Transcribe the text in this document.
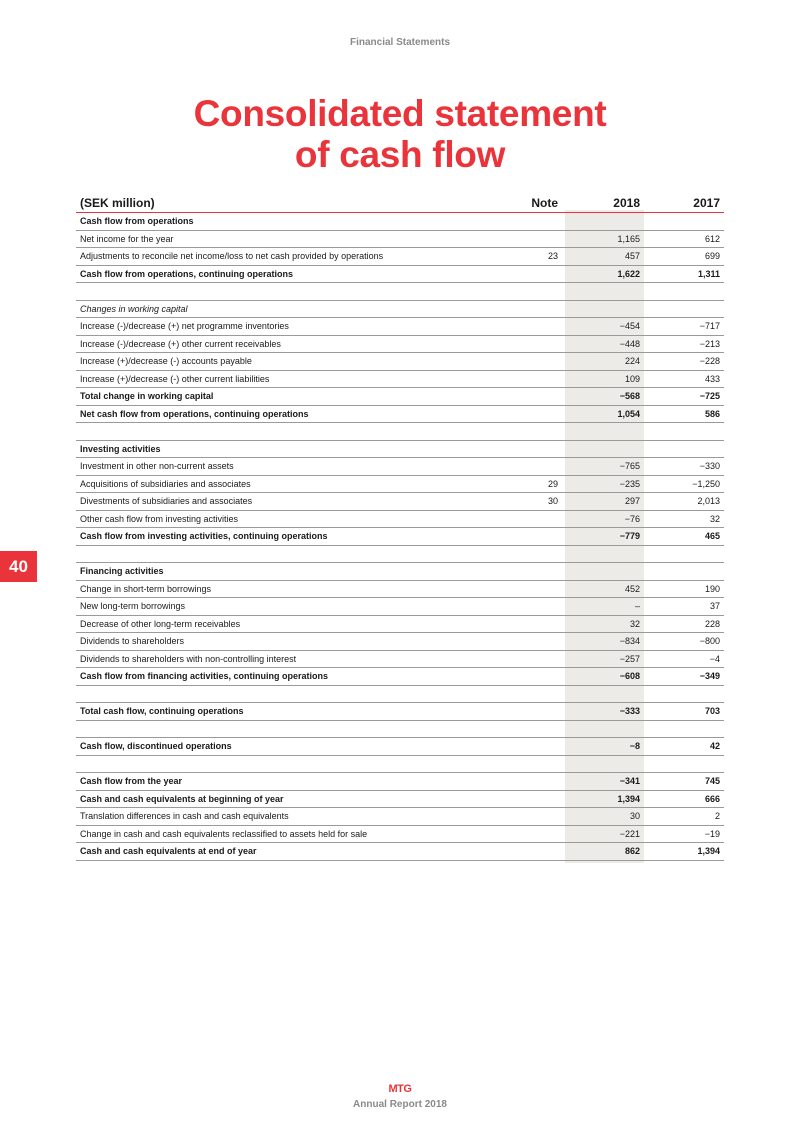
Financial Statements
Consolidated statement
of cash flow
40
(SEK million)	Note		2018	2017
Cash flow from operations				
Net income for the year			1,165	612
Adjustments to reconcile net income/loss to net cash provided by operations	23		457	699
Cash flow from operations, continuing operations			1,622	1,311

Changes in working capital				
Increase (-)/decrease (+) net programme inventories			−454	−717
Increase (-)/decrease (+) other current receivables			−448	−213
Increase (+)/decrease (-) accounts payable			224	−228
Increase (+)/decrease (-) other current liabilities			109	433
Total change in working capital			−568	−725
Net cash flow from operations, continuing operations			1,054	586

Investing activities				
Investment in other non-current assets			−765	−330
Acquisitions of subsidiaries and associates	29		−235	−1,250
Divestments of subsidiaries and associates	30		297	2,013
Other cash flow from investing activities			−76	32
Cash flow from investing activities, continuing operations			−779	465

Financing activities				
Change in short-term borrowings			452	190
New long-term borrowings			–	37
Decrease of other long-term receivables			32	228
Dividends to shareholders			−834	−800
Dividends to shareholders with non-controlling interest			−257	−4
Cash flow from financing activities, continuing operations			−608	−349

Total cash flow, continuing operations			−333	703

Cash flow, discontinued operations			−8	42

Cash flow from the year			−341	745
Cash and cash equivalents at beginning of year			1,394	666
Translation differences in cash and cash equivalents			30	2
Change in cash and cash equivalents reclassified to assets held for sale			−221	−19
Cash and cash equivalents at end of year			862	1,394
MTG
Annual Report 2018
